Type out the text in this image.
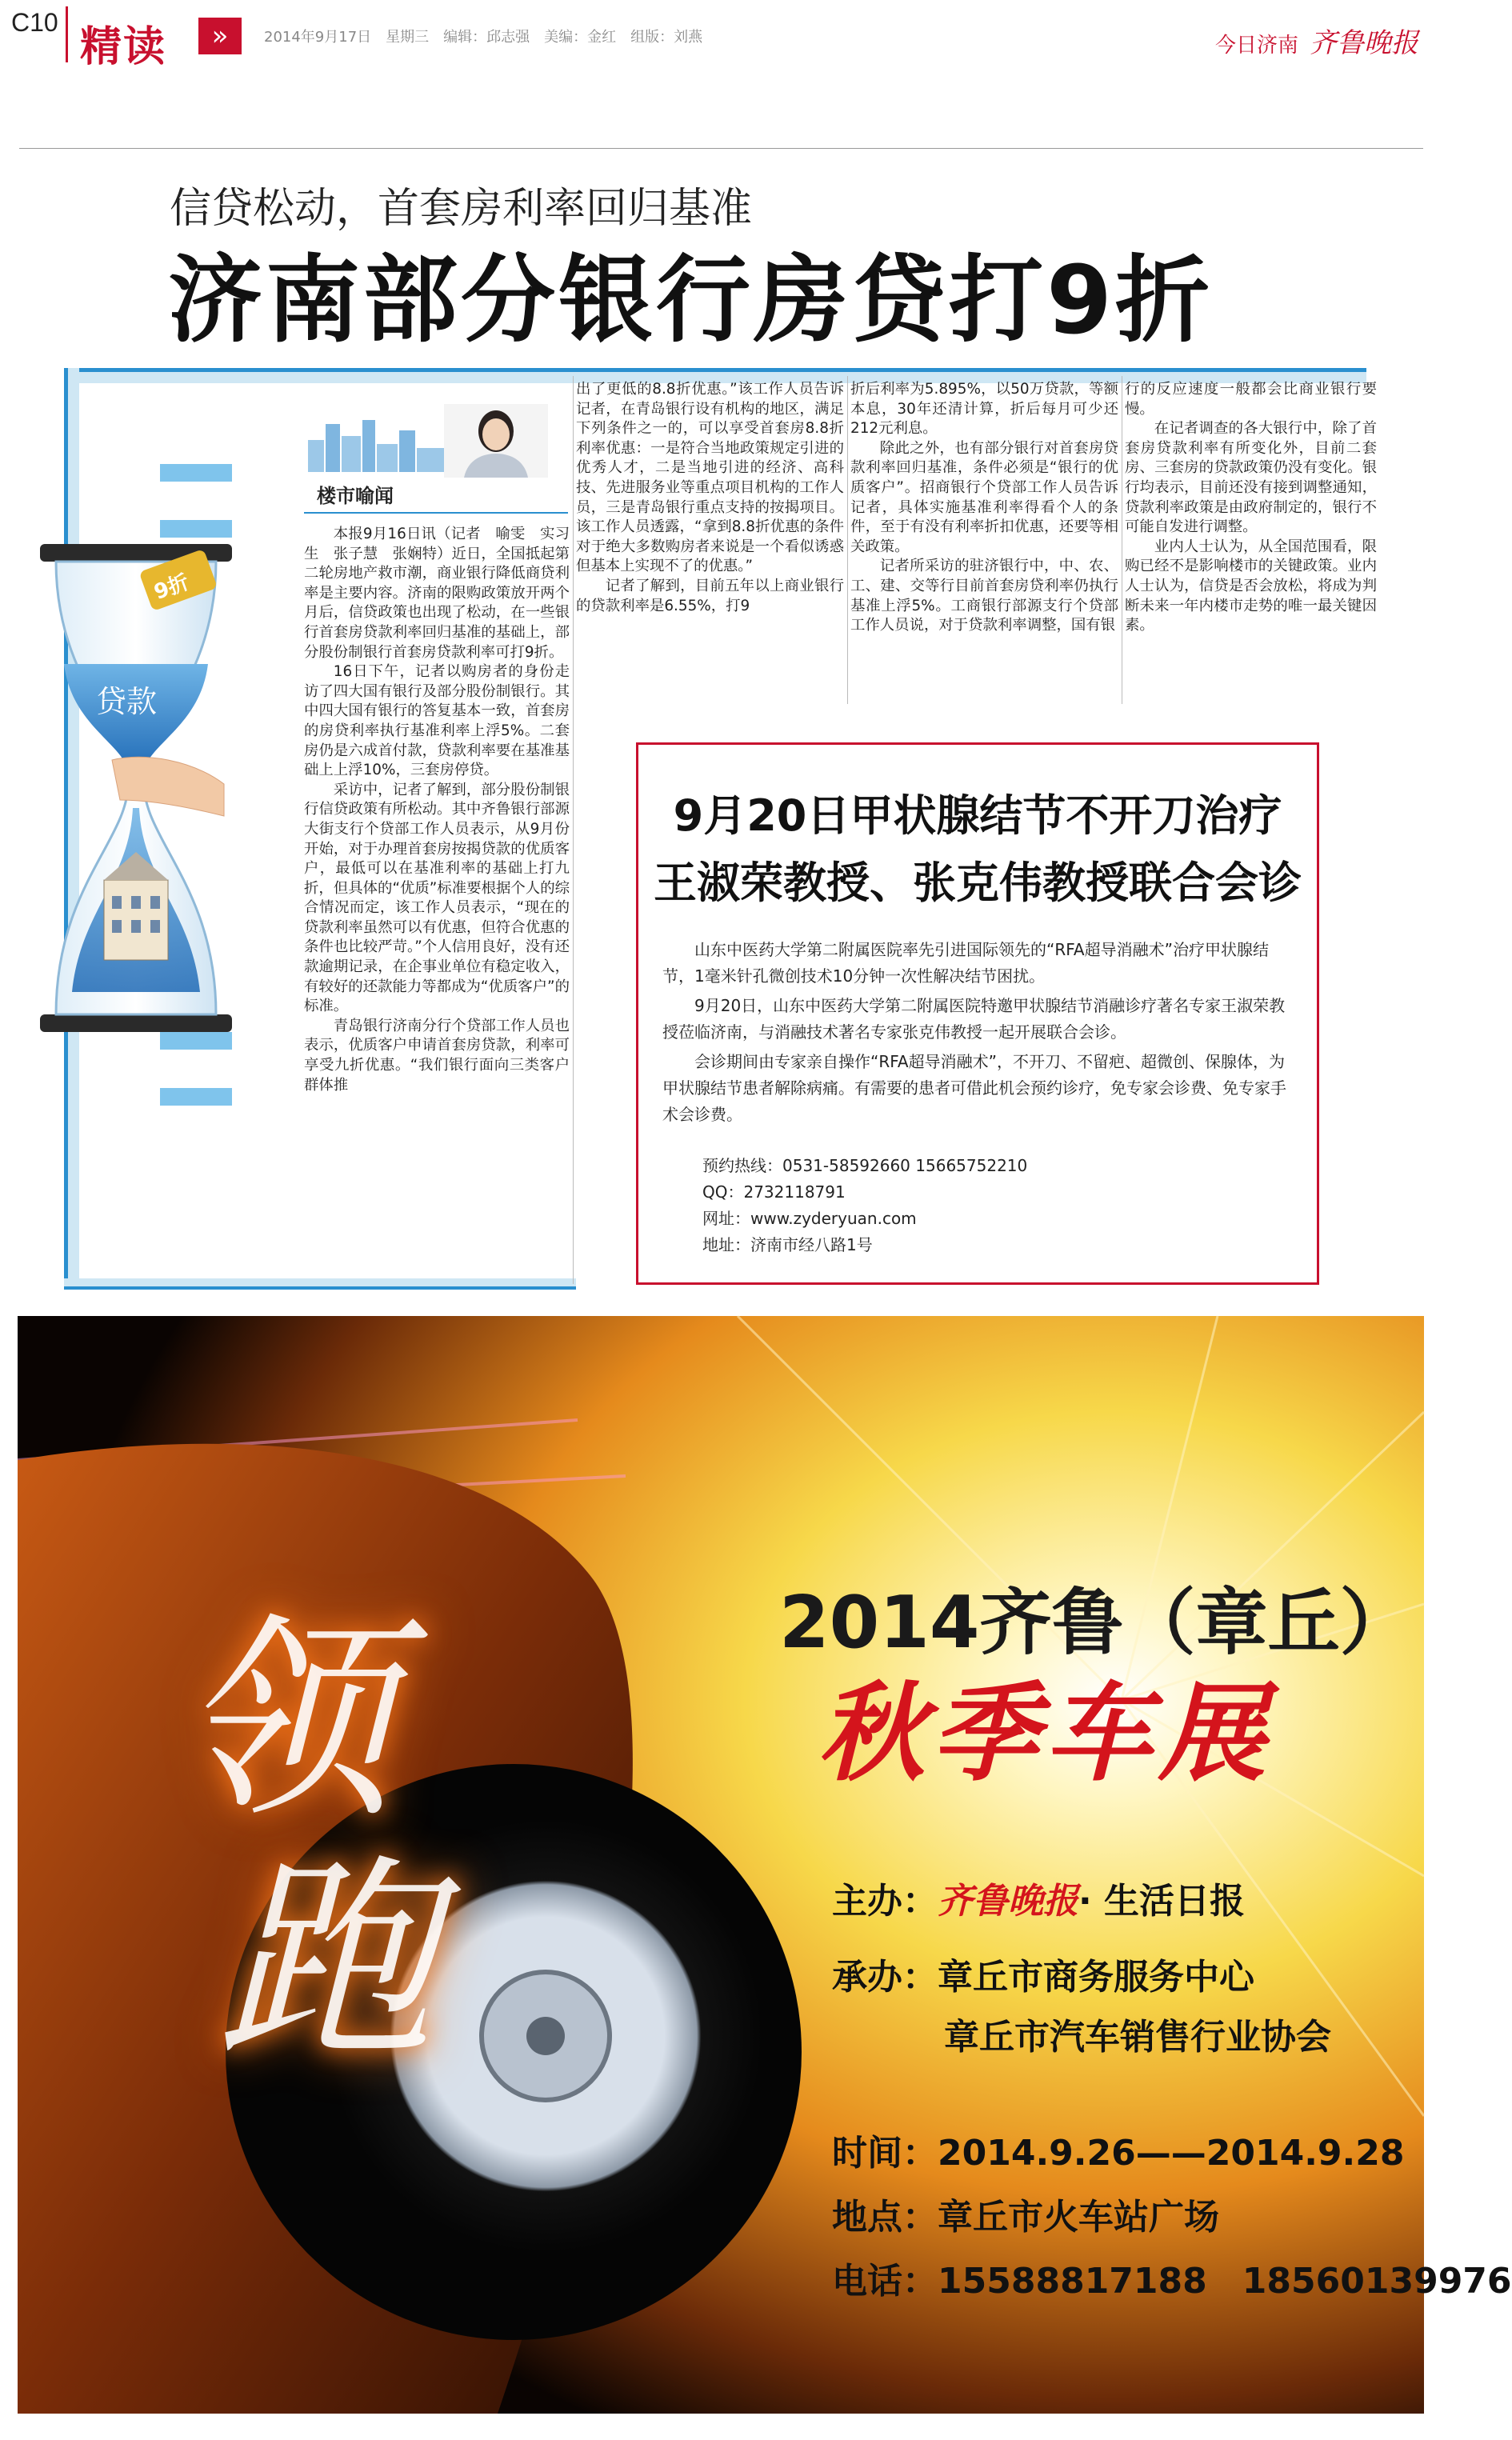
C10
精读	»	2014年9月17日　星期三　编辑：邱志强　美编：金红　组版：刘燕	今日济南 齐鲁晚报
信贷松动，首套房利率回归基准
济南部分银行房贷打9折
9折
贷款
楼市喻闻

本报9月16日讯（记者　喻雯　实习生　张子慧　张娴特）近日，全国抵起第二轮房地产救市潮，商业银行降低商贷利率是主要内容。济南的限购政策放开两个月后，信贷政策也出现了松动，在一些银行首套房贷款利率回归基准的基础上，部分股份制银行首套房贷款利率可打9折。

16日下午，记者以购房者的身份走访了四大国有银行及部分股份制银行。其中四大国有银行的答复基本一致，首套房的房贷利率执行基准利率上浮5%。二套房仍是六成首付款，贷款利率要在基准基础上上浮10%，三套房停贷。

采访中，记者了解到，部分股份制银行信贷政策有所松动。其中齐鲁银行部源大街支行个贷部工作人员表示，从9月份开始，对于办理首套房按揭贷款的优质客户，最低可以在基准利率的基础上打九折，但具体的“优质”标准要根据个人的综合情况而定，该工作人员表示，“现在的贷款利率虽然可以有优惠，但符合优惠的条件也比较严苛。”个人信用良好，没有还款逾期记录，在企事业单位有稳定收入，有较好的还款能力等都成为“优质客户”的标准。

青岛银行济南分行个贷部工作人员也表示，优质客户申请首套房贷款，利率可享受九折优惠。“我们银行面向三类客户群体推

出了更低的8.8折优惠。”该工作人员告诉记者，在青岛银行设有机构的地区，满足下列条件之一的，可以享受首套房8.8折利率优惠：一是符合当地政策规定引进的优秀人才，二是当地引进的经济、高科技、先进服务业等重点项目机构的工作人员，三是青岛银行重点支持的按揭项目。该工作人员透露，“拿到8.8折优惠的条件对于绝大多数购房者来说是一个看似诱惑但基本上实现不了的优惠。”

记者了解到，目前五年以上商业银行的贷款利率是6.55%，打9

折后利率为5.895%，以50万贷款，等额本息，30年还清计算，折后每月可少还212元利息。

除此之外，也有部分银行对首套房贷款利率回归基准，条件必须是“银行的优质客户”。招商银行个贷部工作人员告诉记者，具体实施基准利率得看个人的条件，至于有没有利率折扣优惠，还要等相关政策。

记者所采访的驻济银行中，中、农、工、建、交等行目前首套房贷利率仍执行基准上浮5%。工商银行部源支行个贷部工作人员说，对于贷款利率调整，国有银

行的反应速度一般都会比商业银行要慢。

在记者调查的各大银行中，除了首套房贷款利率有所变化外，目前二套房、三套房的贷款政策仍没有变化。银行均表示，目前还没有接到调整通知，贷款利率政策是由政府制定的，银行不可能自发进行调整。

业内人士认为，从全国范围看，限购已经不是影响楼市的关键政策。业内人士认为，信贷是否会放松，将成为判断未来一年内楼市走势的唯一最关键因素。

9月20日甲状腺结节不开刀治疗
王淑荣教授、张克伟教授联合会诊

山东中医药大学第二附属医院率先引进国际领先的“RFA超导消融术”治疗甲状腺结节，1毫米针孔微创技术10分钟一次性解决结节困扰。

9月20日，山东中医药大学第二附属医院特邀甲状腺结节消融诊疗著名专家王淑荣教授莅临济南，与消融技术著名专家张克伟教授一起开展联合会诊。

会诊期间由专家亲自操作“RFA超导消融术”，不开刀、不留疤、超微创、保腺体，为甲状腺结节患者解除病痛。有需要的患者可借此机会预约诊疗，免专家会诊费、免专家手术会诊费。

预约热线：0531-58592660 15665752210
QQ：2732118791
网址：www.zyderyuan.com
地址：济南市经八路1号
领
跑
2014齐鲁（章丘）
秋季车展
主办：齐鲁晚报· 生活日报
承办：章丘市商务服务中心
章丘市汽车销售行业协会
时间：2014.9.26——2014.9.28
地点：章丘市火车站广场
电话：15588817188　18560139976
